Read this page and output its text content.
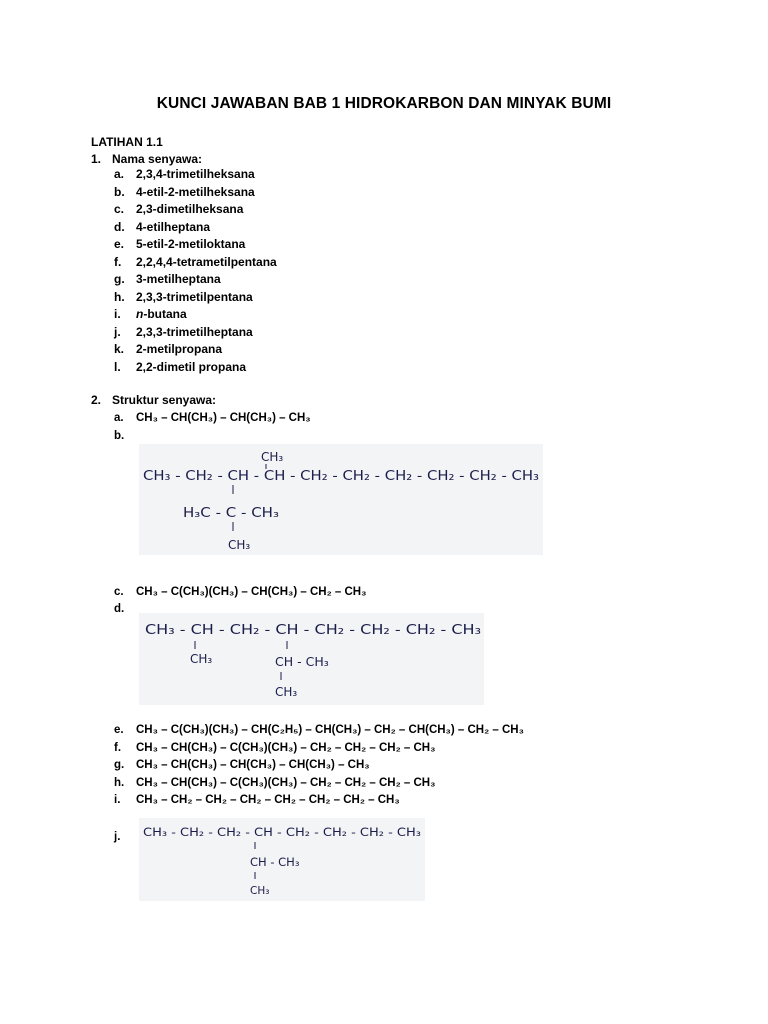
KUNCI JAWABAN BAB 1 HIDROKARBON DAN MINYAK BUMI
LATIHAN 1.1
1. Nama senyawa:
a. 2,3,4-trimetilheksana
b. 4-etil-2-metilheksana
c. 2,3-dimetilheksana
d. 4-etilheptana
e. 5-etil-2-metiloktana
f. 2,2,4,4-tetrametilpentana
g. 3-metilheptana
h. 2,3,3-trimetilpentana
i. n-butana
j. 2,3,3-trimetilheptana
k. 2-metilpropana
l. 2,2-dimetil propana
2. Struktur senyawa:
a. CH₃ – CH(CH₃) – CH(CH₃) – CH₃
b.
c. CH₃ – C(CH₃)(CH₃) – CH(CH₃) – CH₂ – CH₃
d.
e. CH₃ – C(CH₃)(CH₃) – CH(C₂H₅) – CH(CH₃) – CH₂ – CH(CH₃) – CH₂ – CH₃
f. CH₃ – CH(CH₃) – C(CH₃)(CH₃) – CH₂ – CH₂ – CH₂ – CH₃
g. CH₃ – CH(CH₃) – CH(CH₃) – CH(CH₃) – CH₃
h. CH₃ – CH(CH₃) – C(CH₃)(CH₃) – CH₂ – CH₂ – CH₂ – CH₃
i. CH₃ – CH₂ – CH₂ – CH₂ – CH₂ – CH₂ – CH₂ – CH₃
j.
CH₃
CH₃ - CH₂ - CH - CH - CH₂ - CH₂ - CH₂ - CH₂ - CH₂ - CH₃
H₃C - C - CH₃
CH₃
CH₃ - CH - CH₂ - CH - CH₂ - CH₂ - CH₂ - CH₃
CH₃	CH - CH₃
CH₃
CH₃ - CH₂ - CH₂ - CH - CH₂ - CH₂ - CH₂ - CH₃
CH - CH₃
CH₃
